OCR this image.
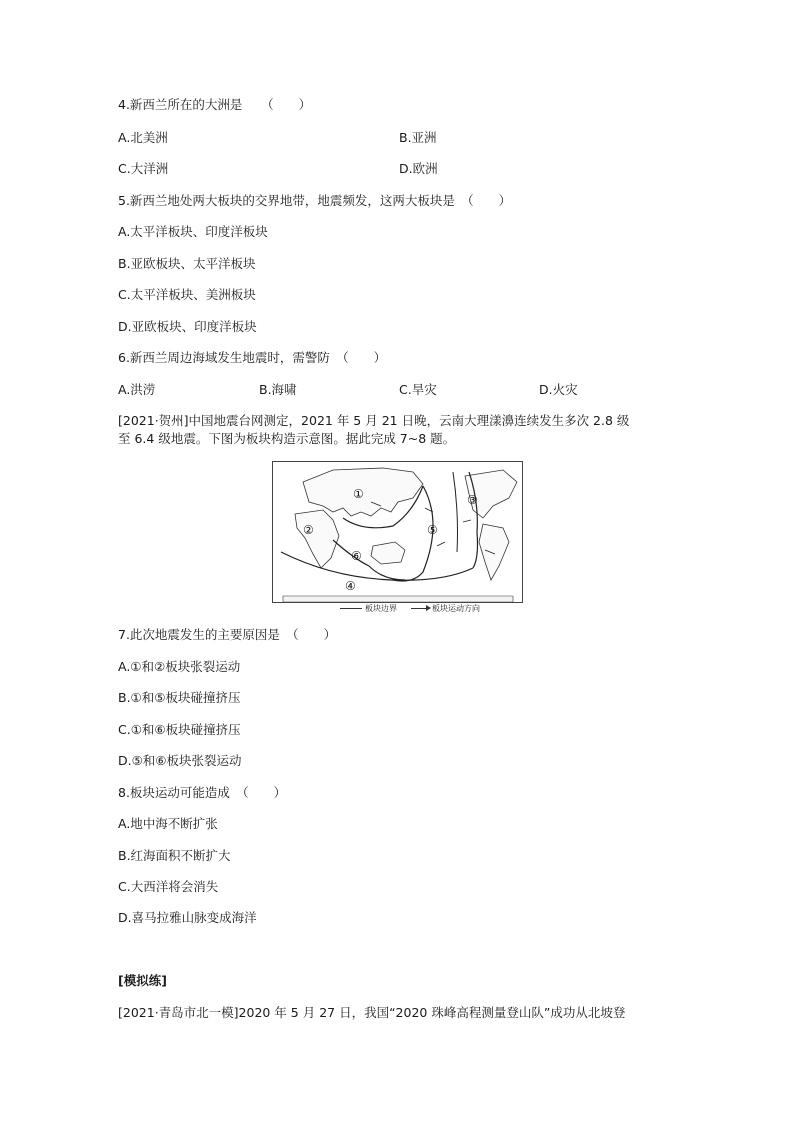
4.新西兰所在的大洲是　　（　　）
A.北美洲	B.亚洲
C.大洋洲	D.欧洲
5.新西兰地处两大板块的交界地带，地震频发，这两大板块是　（　　）
A.太平洋板块、印度洋板块
B.亚欧板块、太平洋板块
C.太平洋板块、美洲板块
D.亚欧板块、印度洋板块
6.新西兰周边海域发生地震时，需警防　（　　）
A.洪涝	B.海啸	C.旱灾	D.火灾
[2021·贺州]中国地震台网测定，2021 年 5 月 21 日晚，云南大理漾濞连续发生多次 2.8 级
至 6.4 级地震。下图为板块构造示意图。据此完成 7~8 题。
①
②
③
④
⑤
⑥
板块边界	板块运动方向
7.此次地震发生的主要原因是　（　　）
A.①和②板块张裂运动
B.①和⑤板块碰撞挤压
C.①和⑥板块碰撞挤压
D.⑤和⑥板块张裂运动
8.板块运动可能造成　（　　）
A.地中海不断扩张
B.红海面积不断扩大
C.大西洋将会消失
D.喜马拉雅山脉变成海洋
[模拟练]
[2021·青岛市北一模]2020 年 5 月 27 日，我国“2020 珠峰高程测量登山队”成功从北坡登
